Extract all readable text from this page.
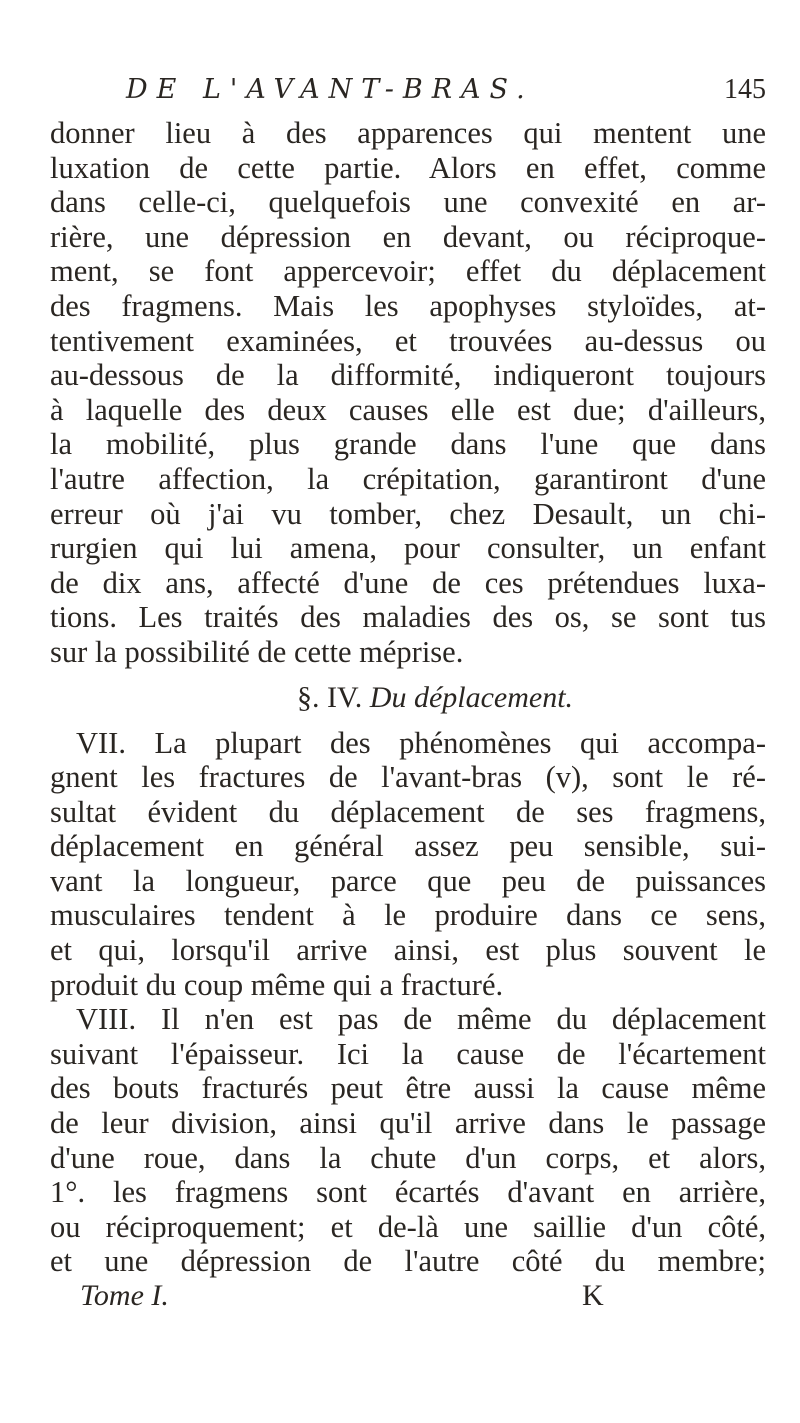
DE L'AVANT-BRAS.	145
donner lieu à des apparences qui mentent une
luxation de cette partie. Alors en effet, comme
dans celle-ci, quelquefois une convexité en ar-
rière, une dépression en devant, ou réciproque-
ment, se font appercevoir; effet du déplacement
des fragmens. Mais les apophyses styloïdes, at-
tentivement examinées, et trouvées au-dessus ou
au-dessous de la difformité, indiqueront toujours
à laquelle des deux causes elle est due; d'ailleurs,
la mobilité, plus grande dans l'une que dans
l'autre affection, la crépitation, garantiront d'une
erreur où j'ai vu tomber, chez Desault, un chi-
rurgien qui lui amena, pour consulter, un enfant
de dix ans, affecté d'une de ces prétendues luxa-
tions. Les traités des maladies des os, se sont tus
sur la possibilité de cette méprise.
§. IV. Du déplacement.
VII. La plupart des phénomènes qui accompa-
gnent les fractures de l'avant-bras (v), sont le ré-
sultat évident du déplacement de ses fragmens,
déplacement en général assez peu sensible, sui-
vant la longueur, parce que peu de puissances
musculaires tendent à le produire dans ce sens,
et qui, lorsqu'il arrive ainsi, est plus souvent le
produit du coup même qui a fracturé.
VIII. Il n'en est pas de même du déplacement
suivant l'épaisseur. Ici la cause de l'écartement
des bouts fracturés peut être aussi la cause même
de leur division, ainsi qu'il arrive dans le passage
d'une roue, dans la chute d'un corps, et alors,
1°. les fragmens sont écartés d'avant en arrière,
ou réciproquement; et de-là une saillie d'un côté,
et une dépression de l'autre côté du membre;
Tome I.	K
